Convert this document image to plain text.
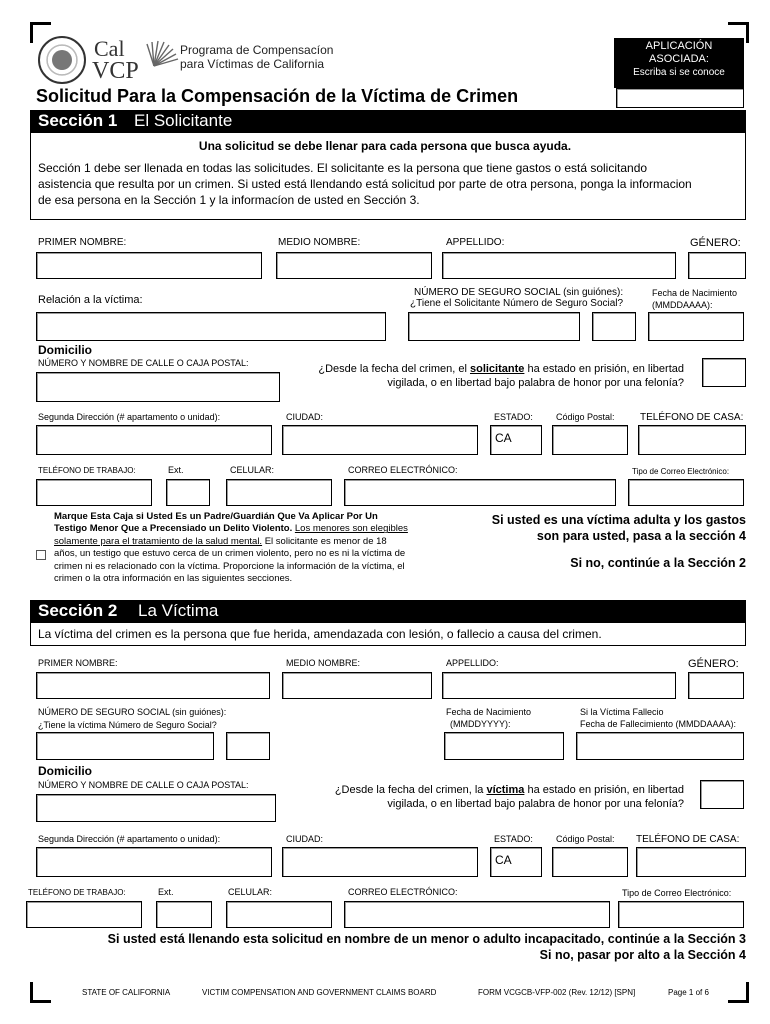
Cal
VCP
Programa de Compensacíon
para Víctimas de California
APLICACIÓN
ASOCIADA:
Escriba si se conoce
Solicitud Para la Compensación de la Víctima de Crimen
Sección 1 El Solicitante
Una solicitud se debe llenar para cada persona que busca ayuda.
Sección 1 debe ser llenada en todas las solicitudes. El solicitante es la persona que tiene gastos o está solicitando
asistencia que resulta por un crimen. Si usted está llendando está solicitud por parte de otra persona, ponga la informacion
de esa persona en la Sección 1 y la informacíon de usted en Sección 3.
PRIMER NOMBRE:	MEDIO NOMBRE:	APPELLIDO:	GÉNERO:
Relación a la víctima:
NÚMERO DE SEGURO SOCIAL (sin guiónes):
¿Tiene el Solicitante Número de Seguro Social?
Fecha de Nacimiento
(MMDDAAAA):
Domicilio
NÚMERO Y NOMBRE DE CALLE O CAJA POSTAL:	¿Desde la fecha del crimen, el solicitante ha estado en prisión, en libertad
vigilada, o en libertad bajo palabra de honor por una felonía?
Segunda Dirección (# apartamento o unidad):	CIUDAD:	ESTADO:	Código Postal:	TELÉFONO DE CASA:
CA
TELÉFONO DE TRABAJO:	Ext.	CELULAR:	CORREO ELECTRÓNICO:	Tipo de Correo Electrónico:
Marque Esta Caja si Usted Es un Padre/Guardián Que Va Aplicar Por Un
Testigo Menor Que a Precensiado un Delito Violento. Los menores son elegibles
solamente para el tratamiento de la salud mental. El solicitante es menor de 18
años, un testigo que estuvo cerca de un crimen violento, pero no es ni la víctima de
crimen ni es relacionado con la víctima. Proporcione la información de la víctima, el
crimen o la otra información en las siguientes secciones.
Si usted es una víctima adulta y los gastos
son para usted, pasa a la sección 4
Si no, continúe a la Sección 2
Sección 2 La Víctima
La víctima del crimen es la persona que fue herida, amendazada con lesión, o fallecio a causa del crimen.
PRIMER NOMBRE:	MEDIO NOMBRE:	APPELLIDO:	GÉNERO:
NÚMERO DE SEGURO SOCIAL (sin guiónes):
¿Tiene la víctima Número de Seguro Social?
Fecha de Nacimiento
(MMDDYYYY):
Si la Víctima Fallecio
Fecha de Fallecimiento (MMDDAAAA):
Domicilio
NÚMERO Y NOMBRE DE CALLE O CAJA POSTAL:	¿Desde la fecha del crimen, la víctima ha estado en prisión, en libertad
vigilada, o en libertad bajo palabra de honor por una felonía?
Segunda Dirección (# apartamento o unidad):	CIUDAD:	ESTADO:	Código Postal: TELÉFONO DE CASA:
CA
TELÉFONO DE TRABAJO:	Ext.	CELULAR:	CORREO ELECTRÓNICO:	Tipo de Correo Electrónico:
Si usted está llenando esta solicitud en nombre de un menor o adulto incapacitado, continúe a la Sección 3
Si no, pasar por alto a la Sección 4
STATE OF CALIFORNIA	VICTIM COMPENSATION AND GOVERNMENT CLAIMS BOARD	FORM VCGCB-VFP-002 (Rev. 12/12) [SPN]	Page 1 of 6
